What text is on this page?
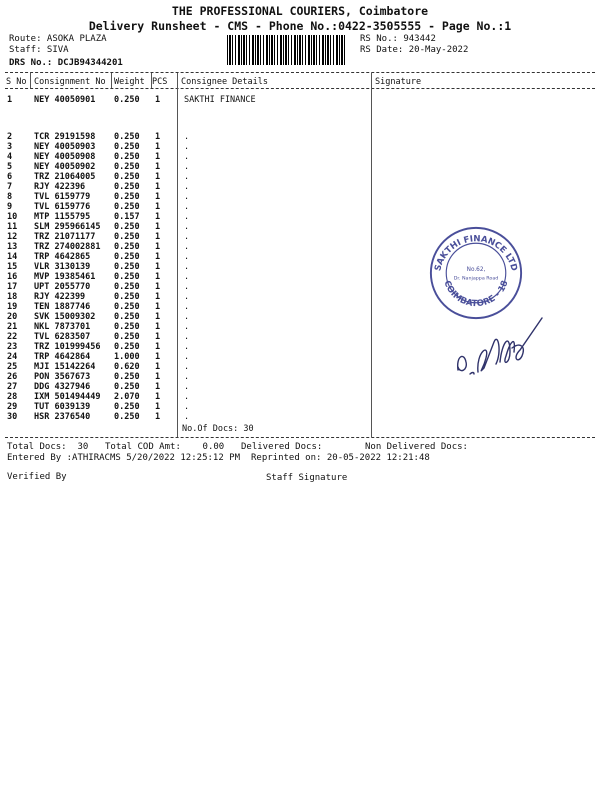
THE PROFESSIONAL COURIERS, Coimbatore
Delivery Runsheet - CMS - Phone No.:0422-3505555 - Page No.:1
Route: ASOKA PLAZA
Staff: SIVA
DRS No.: DCJB94344201
RS No.: 943442
RS Date: 20-May-2022
S No Consignment No Weight PCS Consignee Details	Signature
1	NEY 40050901 0.250 1	SAKTHI FINANCE
2	TCR 29191598 0.250 1	.
3	NEY 40050903 0.250 1	.
4	NEY 40050908 0.250 1	.
5	NEY 40050902 0.250 1	.
6	TRZ 21064005 0.250 1	.
7	RJY 422396	0.250 1	.
8	TVL 6159779	0.250 1	.
9	TVL 6159776	0.250 1	.
10 MTP 1155795	0.157 1	.
11 SLM 295966145 0.250 1	.
12 TRZ 21071177 0.250 1	.
13 TRZ 274002881 0.250 1	.
14 TRP 4642865	0.250 1	.
15 VLR 3130139	0.250 1	.
16 MVP 19385461 0.250 1	.
17 UPT 2055770	0.250 1	.
18 RJY 422399	0.250 1	.
19 TEN 1887746	0.250 1	.
20 SVK 15009302 0.250 1	.
21 NKL 7873701	0.250 1	.
22 TVL 6283507	0.250 1	.
23 TRZ 101999456 0.250 1	.
24 TRP 4642864	1.000 1	.
25 MJI 15142264 0.620 1	.
26 PON 3567673	0.250 1	.
27 DDG 4327946	0.250 1	.
28 IXM 501494449 2.070 1	.
29 TUT 6039139	0.250 1	.
30 HSR 2376540	0.250 1	.
No.Of Docs: 30
SAKTHI FINANCE LTD
COIMBATORE - 18
No.62,
Dr. Nanjappa Road
Total Docs:  30 Total COD Amt:    0.00 Delivered Docs:	Non Delivered Docs:
Entered By :ATHIRACMS 5/20/2022 12:25:12 PM Reprinted on: 20-05-2022 12:21:48
Verified By	Staff Signature
